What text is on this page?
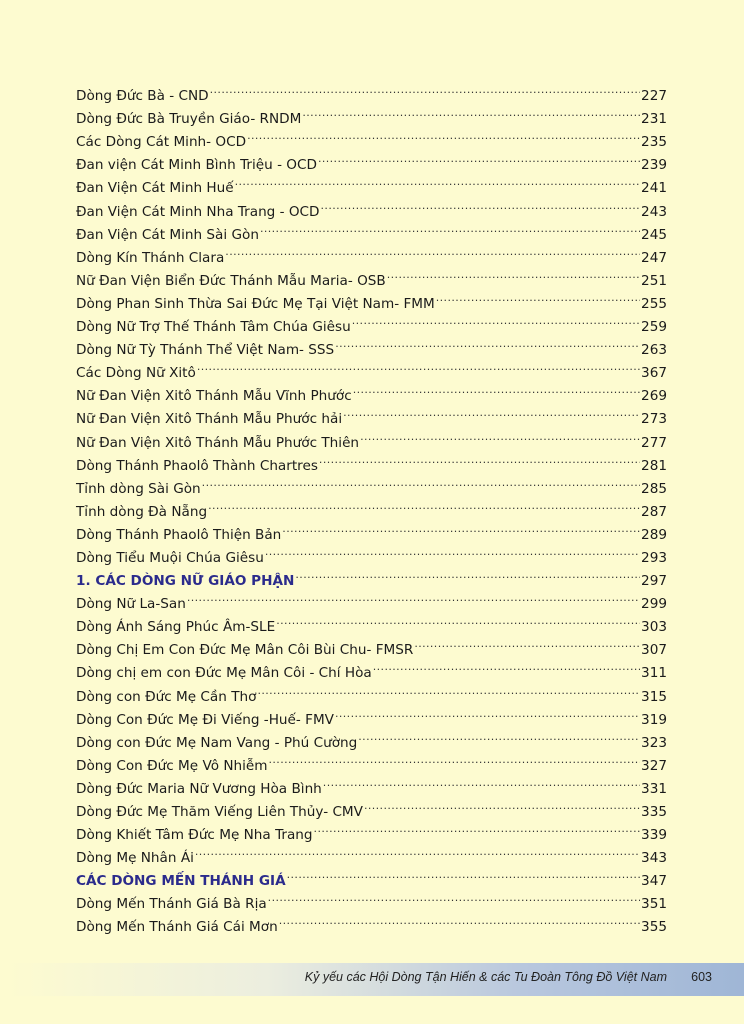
Dòng Đức Bà - CND .....	227
Dòng Đức Bà Truyền Giáo- RNDM .....	231
Các Dòng Cát Minh- OCD .....	235
Đan viện Cát Minh Bình Triệu - OCD .....	239
Đan Viện Cát Minh Huế .....	241
Đan Viện Cát Minh Nha Trang - OCD .....	243
Đan Viện Cát Minh Sài Gòn .....	245
Dòng Kín Thánh Clara .....	247
Nữ Đan Viện Biển Đức Thánh Mẫu Maria- OSB .....	251
Dòng Phan Sinh Thừa Sai Đức Mẹ Tại Việt Nam- FMM .....	255
Dòng Nữ Trợ Thế Thánh Tâm Chúa Giêsu .....	259
Dòng Nữ Tỳ Thánh Thể Việt Nam- SSS .....	263
Các Dòng Nữ Xitô .....	367
Nữ Đan Viện Xitô Thánh Mẫu Vĩnh Phước .....	269
Nữ Đan Viện Xitô Thánh Mẫu Phước hải .....	273
Nữ Đan Viện Xitô Thánh Mẫu Phước Thiên .....	277
Dòng Thánh Phaolô Thành Chartres .....	281
Tỉnh dòng Sài Gòn .....	285
Tỉnh dòng Đà Nẵng .....	287
Dòng Thánh Phaolô Thiện Bản .....	289
Dòng Tiểu Muội Chúa Giêsu .....	293
1. CÁC DÒNG NỮ GIÁO PHẬN .....	297
Dòng Nữ La-San .....	299
Dòng Ánh Sáng Phúc Âm-SLE .....	303
Dòng Chị Em Con Đức Mẹ Mân Côi Bùi Chu- FMSR .....	307
Dòng chị em con Đức Mẹ Mân Côi - Chí Hòa .....	311
Dòng con Đức Mẹ Cần Thơ .....	315
Dòng Con Đức Mẹ Đi Viếng -Huế- FMV .....	319
Dòng con Đức Mẹ Nam Vang - Phú Cường .....	323
Dòng Con Đức Mẹ Vô Nhiễm .....	327
Dòng Đức Maria Nữ Vương Hòa Bình .....	331
Dòng Đức Mẹ Thăm Viếng Liên Thủy- CMV .....	335
Dòng Khiết Tâm Đức Mẹ Nha Trang .....	339
Dòng Mẹ Nhân Ái .....	343
CÁC DÒNG MẾN THÁNH GIÁ .....	347
Dòng Mến Thánh Giá Bà Rịa .....	351
Dòng Mến Thánh Giá Cái Mơn .....	355
Kỷ yếu các Hội Dòng Tận Hiến & các Tu Đoàn Tông Đồ Việt Nam 603
